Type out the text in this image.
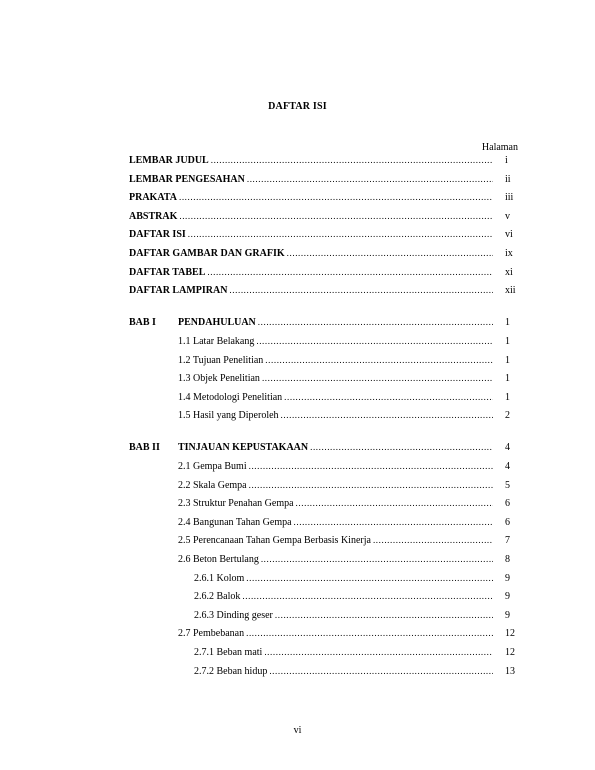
DAFTAR ISI
Halaman
LEMBAR JUDUL .....	i
LEMBAR PENGESAHAN .....	ii
PRAKATA .....	iii
ABSTRAK .....	v
DAFTAR ISI .....	vi
DAFTAR GAMBAR DAN GRAFIK .....	ix
DAFTAR TABEL .....	xi
DAFTAR LAMPIRAN .....	xii
BAB I	PENDAHULUAN .....	1
1.1 Latar Belakang .....	1
1.2 Tujuan Penelitian .....	1
1.3 Objek Penelitian .....	1
1.4 Metodologi Penelitian .....	1
1.5 Hasil yang Diperoleh .....	2
BAB II	TINJAUAN KEPUSTAKAAN .....	4
2.1 Gempa Bumi .....	4
2.2 Skala Gempa .....	5
2.3 Struktur Penahan Gempa .....	6
2.4 Bangunan Tahan Gempa .....	6
2.5 Perencanaan Tahan Gempa Berbasis Kinerja .....	7
2.6 Beton Bertulang .....	8
2.6.1 Kolom .....	9
2.6.2 Balok .....	9
2.6.3 Dinding geser .....	9
2.7 Pembebanan .....	12
2.7.1 Beban mati .....	12
2.7.2 Beban hidup .....	13
vi
